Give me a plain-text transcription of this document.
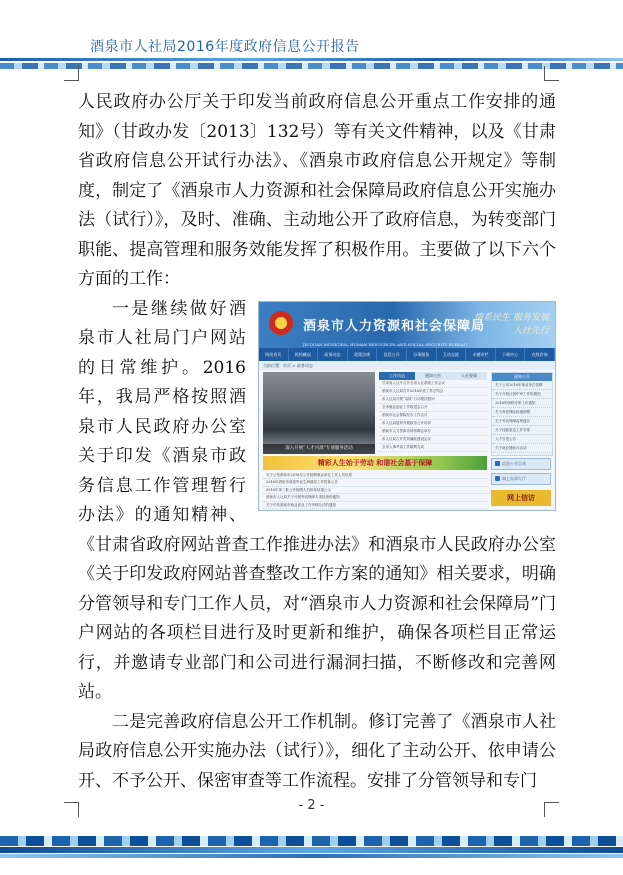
酒泉市人社局2016年度政府信息公开报告

人民政府办公厅关于印发当前政府信息公开重点工作安排的通知》（甘政办发〔2013〕132号）等有关文件精神，以及《甘肃省政府信息公开试行办法》、《酒泉市政府信息公开规定》等制度，制定了《酒泉市人力资源和社会保障局政府信息公开实施办法（试行）》，及时、准确、主动地公开了政府信息，为转变部门职能、提高管理和服务效能发挥了积极作用。主要做了以下六个方面的工作：

酒泉市人力资源和社会保障局
JIUQUAN MUNICIPAL HUMAN RESOURCES AND SOCIAL SECURITY BUREAU
情系民生 服务发展 人社先行
网站首页	机构概况	政务动态	政策法规	信息公开	办事服务	互动交流	专题专栏	下载中心	在线咨询
当前位置：首页 > 政务动态
深入开展“人才兴酒”专项服务活动
工作动态	通知公告	人社要闻
甘肃省人社厅召开全省人社系统工作会议
酒泉市人社局召开2016年度工作总结会
市人社局开展“双联”行动帮扶慰问
全市就业创业工作推进会召开
酒泉市社会保险经办工作会议
市人社局组织开展政务公开培训
酒泉市人力资源市场招聘会举办
市人社局召开党风廉政建设会议
全市人事考试工作顺利完成
通知公告
关于公布2016年事业单位招聘
关于开展社保年审工作的通知
2016年职称评审工作通知
关于养老保险待遇调整
关于劳动保障监察通告
关于技能鉴定工作安排
人才引进公告
关于就业援助月活动
精彩人生始于劳动 和谐社会基于保障
关于公布酒泉市2016年公开招聘事业单位工作人员结果
2016年酒泉市高校毕业生到基层工作招募公告
2016年第二批公开招聘人员体检结果公示
酒泉市人社局关于开展劳动保障专项检查的通知
关于印发酒泉市就业创业工作考核办法的通知
信息公开目录
网上办事大厅
网上信访

一是继续做好酒泉市人社局门户网站的日常维护。2016年，我局严格按照酒泉市人民政府办公室关于印发《酒泉市政务信息工作管理暂行办法》的通知精神、《甘肃省政府网站普查工作推进办法》和酒泉市人民政府办公室《关于印发政府网站普查整改工作方案的通知》相关要求，明确分管领导和专门工作人员，对“酒泉市人力资源和社会保障局”门户网站的各项栏目进行及时更新和维护，确保各项栏目正常运行，并邀请专业部门和公司进行漏洞扫描，不断修改和完善网站。

二是完善政府信息公开工作机制。修订完善了《酒泉市人社局政府信息公开实施办法（试行）》，细化了主动公开、依申请公开、不予公开、保密审查等工作流程。安排了分管领导和专门

- 2 -
